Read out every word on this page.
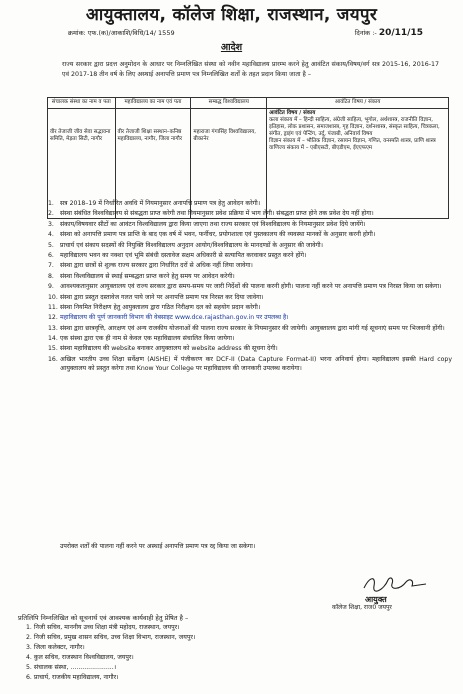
आयुक्तालय, कॉलेज शिक्षा, राजस्थान, जयपुर
क्रमांक: एफ.(क)/आकाशि/विधि/14/ 1559	दिनांक :- 20/11/15
आदेश
राज्य सरकार द्वारा प्रदत्त अनुमोदन के आधार पर निम्नलिखित संस्था को नवीन महाविद्यालय प्रारम्भ करने हेतु आवंटित संकाय/विषय/वर्ग सत्र 2015-16, 2016-17 एवं 2017-18 तीन वर्ष के लिए अस्थाई अनापत्ति प्रमाण पत्र निम्नलिखित शर्तों के तहत प्रदान किया जाता है –
संचालक संस्था का नाम व पता	महाविद्यालय का नाम एवं पता	सम्बद्ध विश्वविद्यालय	आवंटित विषय / संकाय
वीर तेजाजी जीव सेवा सद्भावना समिति, मेड़ता सिटी, नागौर	वीर तेजाजी शिक्षा सस्थान–कनिष्ठ महाविद्यालय, नागौर, जिला नागौर	महाराजा गंगासिंह विश्वविद्यालय, बीकानेर	आवंटित विषय / संकाय
कला संकाय में – हिन्दी साहित्य, अंग्रेजी साहित्य, भूगोल, अर्थशास्त्र, राजनीति विज्ञान, इतिहास, लोक प्रशासन, समाजशास्त्र, गृह विज्ञान, दर्शनशास्त्र, संस्कृत साहित्य, चित्रकला, संगीत, ड्राइंग एवं पेन्टिंग, उर्दू, पंजाबी, अनिवार्य विषय
विज्ञान संकाय में – भौतिक विज्ञान, रसायन विज्ञान, गणित, वनस्पति शास्त्र, प्राणि शास्त्र
वाणिज्य संकाय में – एबीएसटी, बीएडीएम, ईएएफएम
1. सत्र 2018–19 में निर्धारित अवधि में नियमानुसार अनापत्ति प्रमाण पत्र हेतु आवेदन करेगी।
2. संस्था संबंधित विश्वविद्यालय से संबद्धता प्राप्त करेगी तथा नियमानुसार प्रवेश प्रक्रिया में भाग लेगी। संबद्धता प्राप्त होने तक प्रवेश देय नहीं होगा।
3. संकाय/विषयवार सीटों का आवंटन विश्वविद्यालय द्वारा किया जाएगा तथा राज्य सरकार एवं विश्वविद्यालय के नियमानुसार प्रवेश दिये जायेंगे।
4. संस्था को अनापत्ति प्रमाण पत्र प्राप्ति के बाद एक वर्ष में भवन, फर्नीचर, प्रयोगशाला एवं पुस्तकालय की व्यवस्था मानकों के अनुसार करनी होगी।
5. प्राचार्य एवं संकाय सदस्यों की नियुक्ति विश्वविद्यालय अनुदान आयोग/विश्वविद्यालय के मानदण्डों के अनुसार की जावेगी।
6. महाविद्यालय भवन का नक्शा एवं भूमि संबंधी दस्तावेज सक्षम अधिकारी से सत्यापित करवाकर प्रस्तुत करने होंगे।
7. संस्था द्वारा छात्रों से शुल्क राज्य सरकार द्वारा निर्धारित दरों से अधिक नहीं लिया जावेगा।
8. संस्था विश्वविद्यालय से स्थाई सम्बद्धता प्राप्त करने हेतु समय पर आवेदन करेगी।
9. आवश्यकतानुसार आयुक्तालय एवं राज्य सरकार द्वारा समय-समय पर जारी निर्देशों की पालना करनी होगी। पालना नहीं करने पर अनापत्ति प्रमाण पत्र निरस्त किया जा सकेगा।
10. संस्था द्वारा प्रस्तुत दस्तावेज गलत पाये जाने पर अनापत्ति प्रमाण पत्र निरस्त कर दिया जावेगा।
11. संस्था नियमित निरीक्षण हेतु आयुक्तालय द्वारा गठित निरीक्षण दल को सहयोग प्रदान करेगी।
12. महाविद्यालय की पूर्ण जानकारी विभाग की वेबसाइट www.dce.rajasthan.gov.in पर उपलब्ध है।
13. संस्था द्वारा छात्रवृत्ति, आरक्षण एवं अन्य राजकीय योजनाओं की पालना राज्य सरकार के नियमानुसार की जायेगी। आयुक्तालय द्वारा मांगी गई सूचनाएं समय पर भिजवानी होंगी।
14. एक संस्था द्वारा एक ही नाम से केवल एक महाविद्यालय संचालित किया जायेगा।
15. संस्था महाविद्यालय की website बनाकर आयुक्तालय को website address की सूचना देगी।
16. अखिल भारतीय उच्च शिक्षा सर्वेक्षण (AISHE) में पंजीकरण कर DCF-II (Data Capture Format-II) भरना अनिवार्य होगा। महाविद्यालय इसकी Hard copy आयुक्तालय को प्रस्तुत करेगा तथा Know Your College पर महाविद्यालय की जानकारी उपलब्ध करायेगा।
उपरोक्त शर्तों की पालना नहीं करने पर अस्थाई अनापत्ति प्रमाण पत्र रद्द किया जा सकेगा।
आयुक्त
कॉलेज शिक्षा, राज0 जयपुर
प्रतिलिपि निम्नलिखित को सूचनार्थ एवं आवश्यक कार्यवाही हेतु प्रेषित है –
1. निजी सचिव, माननीय उच्च शिक्षा मंत्री महोदय, राजस्थान, जयपुर।
2. निजी सचिव, प्रमुख शासन सचिव, उच्च शिक्षा विभाग, राजस्थान, जयपुर।
3. जिला कलेक्टर, नागौर।
4. कुल सचिव, राजस्थान विश्वविद्यालय, जयपुर।
5. संचालक संस्था, ......................।
6. प्राचार्य, राजकीय महाविद्यालय, नागौर।
